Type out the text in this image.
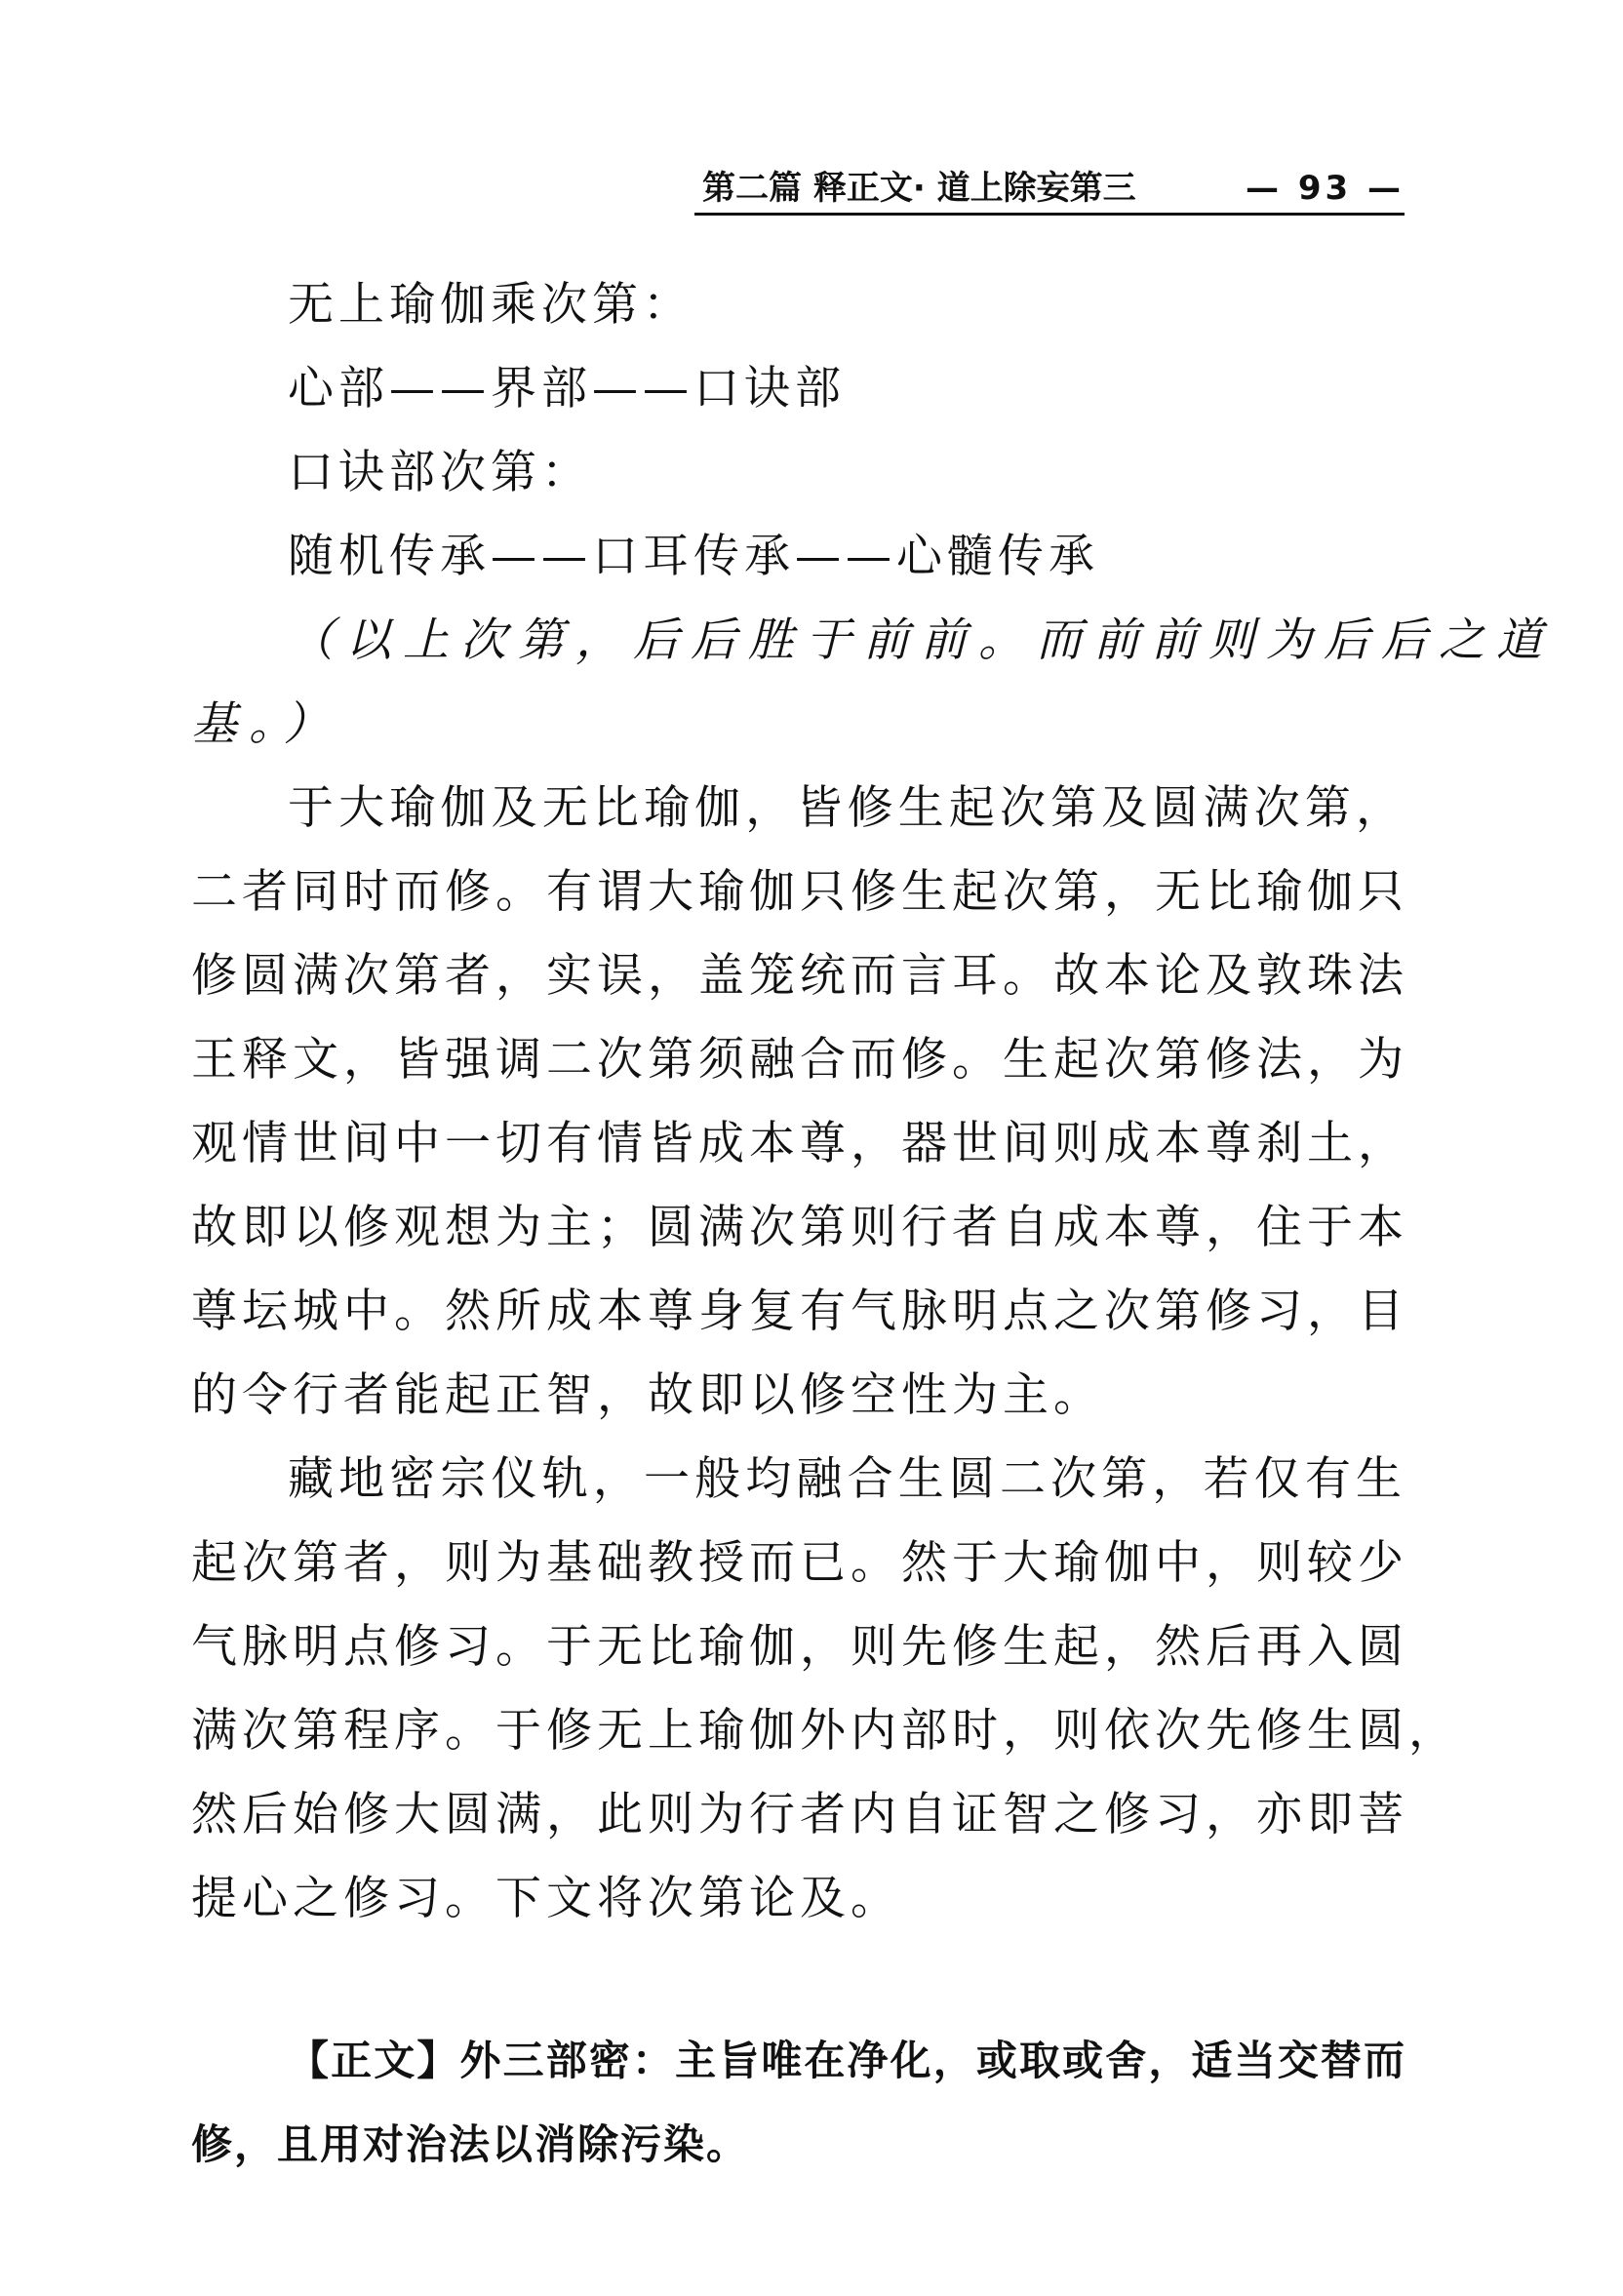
第二篇 释正文· 道上除妄第三	— 93 —
无上瑜伽乘次第：
心部——界部——口诀部
口诀部次第：
随机传承——口耳传承——心髓传承
（以上次第，后后胜于前前。而前前则为后后之道
基。）
于大瑜伽及无比瑜伽，皆修生起次第及圆满次第，
二者同时而修。有谓大瑜伽只修生起次第，无比瑜伽只
修圆满次第者，实误，盖笼统而言耳。故本论及敦珠法
王释文，皆强调二次第须融合而修。生起次第修法，为
观情世间中一切有情皆成本尊，器世间则成本尊刹土，
故即以修观想为主；圆满次第则行者自成本尊，住于本
尊坛城中。然所成本尊身复有气脉明点之次第修习，目
的令行者能起正智，故即以修空性为主。
藏地密宗仪轨，一般均融合生圆二次第，若仅有生
起次第者，则为基础教授而已。然于大瑜伽中，则较少
气脉明点修习。于无比瑜伽，则先修生起，然后再入圆
满次第程序。于修无上瑜伽外内部时，则依次先修生圆，
然后始修大圆满，此则为行者内自证智之修习，亦即菩
提心之修习。下文将次第论及。
【正文】外三部密：主旨唯在净化，或取或舍，适当交替而
修，且用对治法以消除污染。
